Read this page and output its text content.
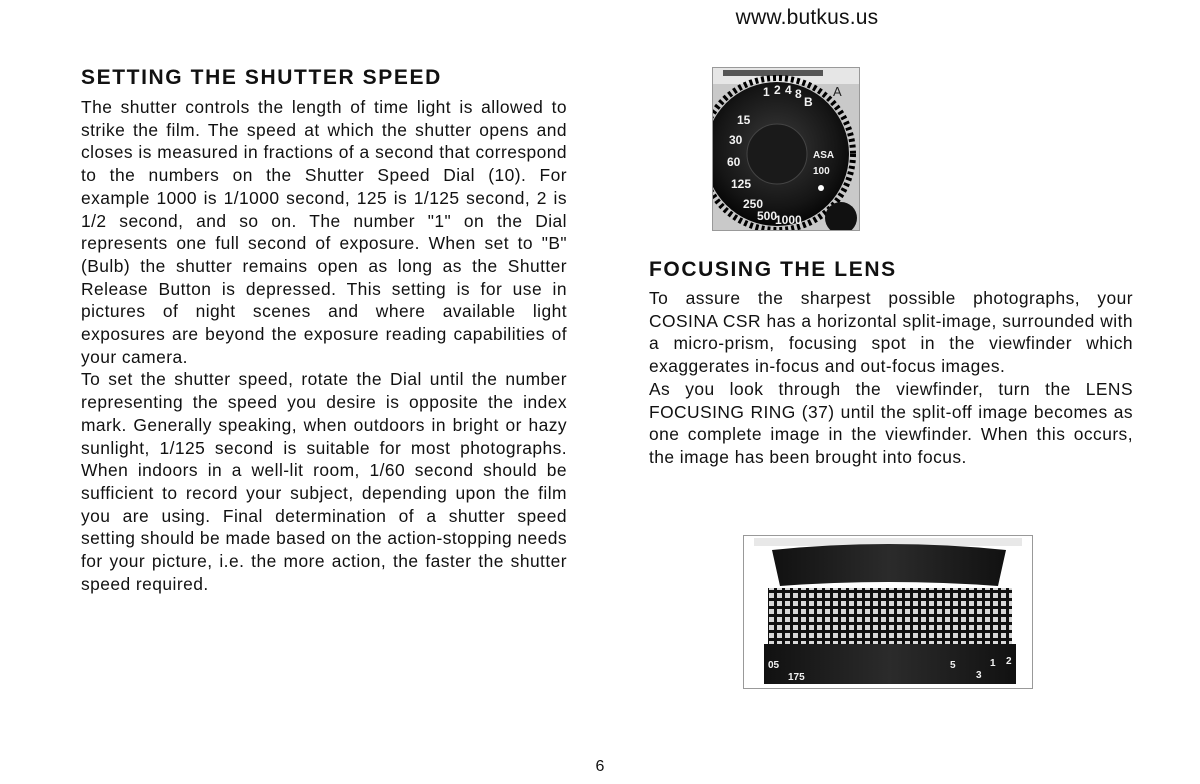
www.butkus.us
SETTING THE SHUTTER SPEED

The shutter controls the length of time light is allowed to strike the film. The speed at which the shutter opens and closes is measured in fractions of a second that correspond to the numbers on the Shutter Speed Dial (10). For example 1000 is 1/1000 second, 125 is 1/125 second, 2 is 1/2 second, and so on. The number "1" on the Dial represents one full second of exposure. When set to "B" (Bulb) the shutter remains open as long as the Shutter Release Button is depressed. This setting is for use in pictures of night scenes and where available light exposures are beyond the exposure reading capabilities of your camera.

To set the shutter speed, rotate the Dial until the number representing the speed you desire is opposite the index mark. Generally speaking, when outdoors in bright or hazy sunlight, 1/125 second is suitable for most photographs. When indoors in a well-lit room, 1/60 second should be sufficient to record your subject, depending upon the film you are using. Final determination of a shutter speed setting should be made based on the action-stopping needs for your picture, i.e. the more action, the faster the shutter speed required.

A
8
4
2
1
B
15
30
60
125
250
500
1000
ASA
100
FOCUSING THE LENS

To assure the sharpest possible photographs, your COSINA CSR has a horizontal split-image, surrounded with a micro-prism, focusing spot in the viewfinder which exaggerates in-focus and out-focus images.

As you look through the viewfinder, turn the LENS FOCUSING RING (37) until the split-off image becomes as one complete image in the viewfinder. When this occurs, the image has been brought into focus.

05
175
5
3
1 2
6
